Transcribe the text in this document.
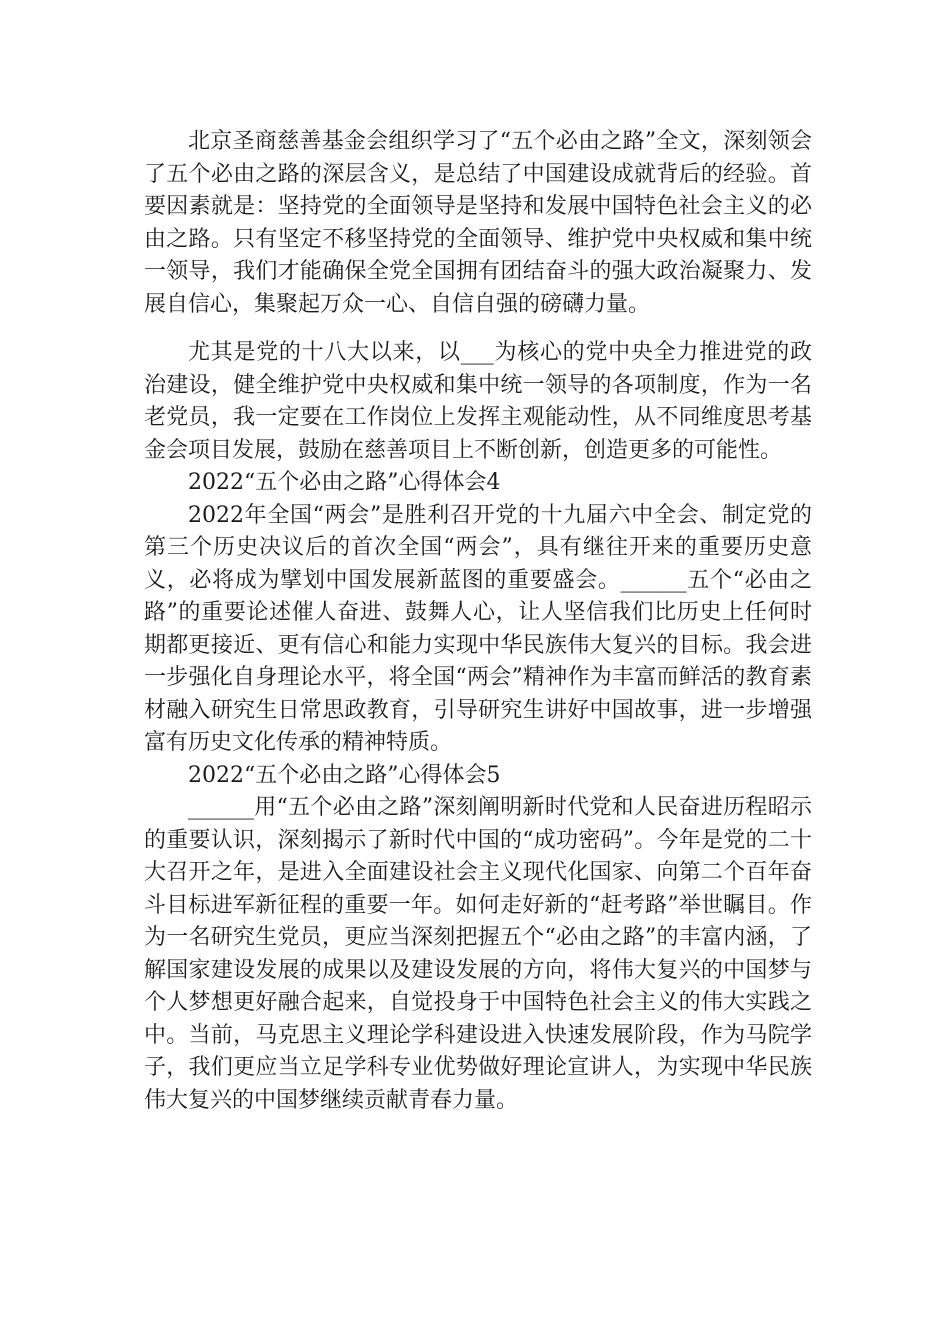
北京圣商慈善基金会组织学习了“五个必由之路”全文，深刻领会了五个必由之路的深层含义，是总结了中国建设成就背后的经验。首要因素就是：坚持党的全面领导是坚持和发展中国特色社会主义的必由之路。只有坚定不移坚持党的全面领导、维护党中央权威和集中统一领导，我们才能确保全党全国拥有团结奋斗的强大政治凝聚力、发展自信心，集聚起万众一心、自信自强的磅礴力量。

尤其是党的十八大以来，以___为核心的党中央全力推进党的政治建设，健全维护党中央权威和集中统一领导的各项制度，作为一名老党员，我一定要在工作岗位上发挥主观能动性，从不同维度思考基金会项目发展，鼓励在慈善项目上不断创新，创造更多的可能性。

2022“五个必由之路”心得体会4

2022年全国“两会”是胜利召开党的十九届六中全会、制定党的第三个历史决议后的首次全国“两会”，具有继往开来的重要历史意义，必将成为擘划中国发展新蓝图的重要盛会。______五个“必由之路”的重要论述催人奋进、鼓舞人心，让人坚信我们比历史上任何时期都更接近、更有信心和能力实现中华民族伟大复兴的目标。我会进一步强化自身理论水平，将全国“两会”精神作为丰富而鲜活的教育素材融入研究生日常思政教育，引导研究生讲好中国故事，进一步增强富有历史文化传承的精神特质。

2022“五个必由之路”心得体会5

______用“五个必由之路”深刻阐明新时代党和人民奋进历程昭示的重要认识，深刻揭示了新时代中国的“成功密码”。今年是党的二十大召开之年，是进入全面建设社会主义现代化国家、向第二个百年奋斗目标进军新征程的重要一年。如何走好新的“赶考路”举世瞩目。作为一名研究生党员，更应当深刻把握五个“必由之路”的丰富内涵，了解国家建设发展的成果以及建设发展的方向，将伟大复兴的中国梦与个人梦想更好融合起来，自觉投身于中国特色社会主义的伟大实践之中。当前，马克思主义理论学科建设进入快速发展阶段，作为马院学子，我们更应当立足学科专业优势做好理论宣讲人，为实现中华民族伟大复兴的中国梦继续贡献青春力量。
